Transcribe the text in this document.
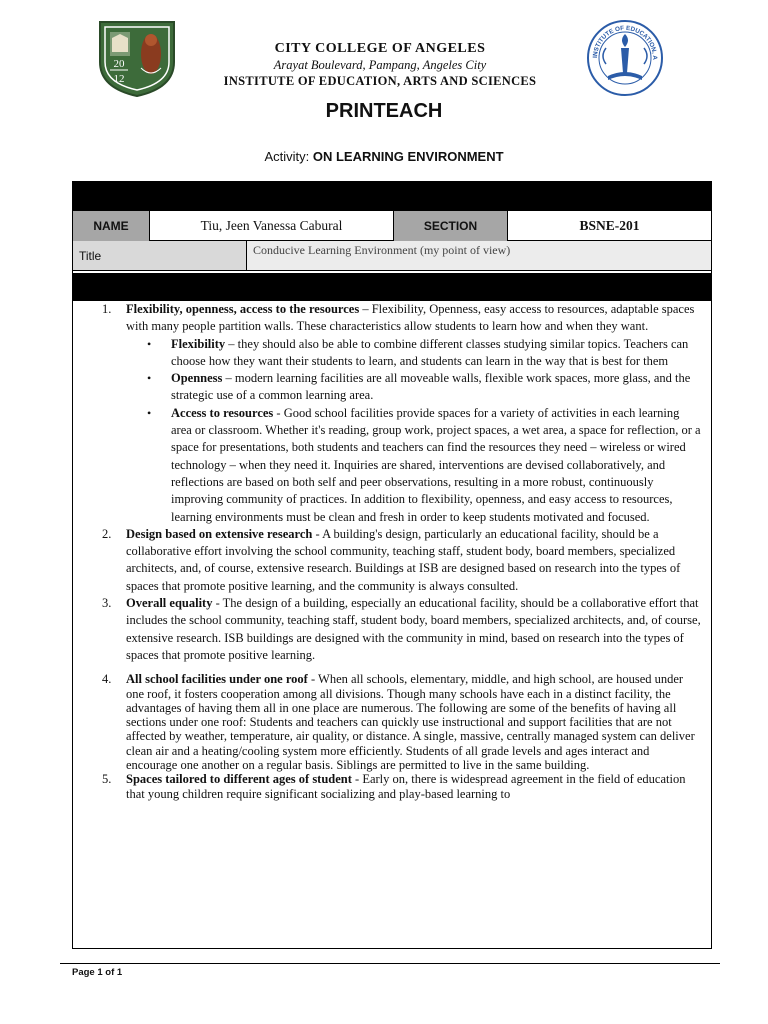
20
12
CITY COLLEGE OF ANGELES
Arayat Boulevard, Pampang, Angeles City
INSTITUTE OF EDUCATION, ARTS AND SCIENCES
INSTITUTE OF EDUCATION, A
PRINTEACH
Activity: ON LEARNING ENVIRONMENT
NAME	Tiu, Jeen Vanessa Cabural	SECTION	BSNE-201
Title	Conducive Learning Environment (my point of view)
1. Flexibility, openness, access to the resources – Flexibility, Openness, easy access to resources, adaptable spaces with many people partition walls. These characteristics allow students to learn how and when they want.
• Flexibility – they should also be able to combine different classes studying similar topics. Teachers can choose how they want their students to learn, and students can learn in the way that is best for them
• Openness – modern learning facilities are all moveable walls, flexible work spaces, more glass, and the strategic use of a common learning area.
• Access to resources - Good school facilities provide spaces for a variety of activities in each learning area or classroom. Whether it's reading, group work, project spaces, a wet area, a space for reflection, or a space for presentations, both students and teachers can find the resources they need – wireless or wired technology – when they need it. Inquiries are shared, interventions are devised collaboratively, and reflections are based on both self and peer observations, resulting in a more robust, continuously improving community of practices. In addition to flexibility, openness, and easy access to resources, learning environments must be clean and fresh in order to keep students motivated and focused.
2. Design based on extensive research - A building's design, particularly an educational facility, should be a collaborative effort involving the school community, teaching staff, student body, board members, specialized architects, and, of course, extensive research. Buildings at ISB are designed based on research into the types of spaces that promote positive learning, and the community is always consulted.
3. Overall equality - The design of a building, especially an educational facility, should be a collaborative effort that includes the school community, teaching staff, student body, board members, specialized architects, and, of course, extensive research. ISB buildings are designed with the community in mind, based on research into the types of spaces that promote positive learning.
4. All school facilities under one roof - When all schools, elementary, middle, and high school, are housed under one roof, it fosters cooperation among all divisions. Though many schools have each in a distinct facility, the advantages of having them all in one place are numerous. The following are some of the benefits of having all sections under one roof: Students and teachers can quickly use instructional and support facilities that are not affected by weather, temperature, air quality, or distance. A single, massive, centrally managed system can deliver clean air and a heating/cooling system more efficiently. Students of all grade levels and ages interact and encourage one another on a regular basis. Siblings are permitted to live in the same building.
5. Spaces tailored to different ages of student - Early on, there is widespread agreement in the field of education that young children require significant socializing and play-based learning to
Page 1 of 1
